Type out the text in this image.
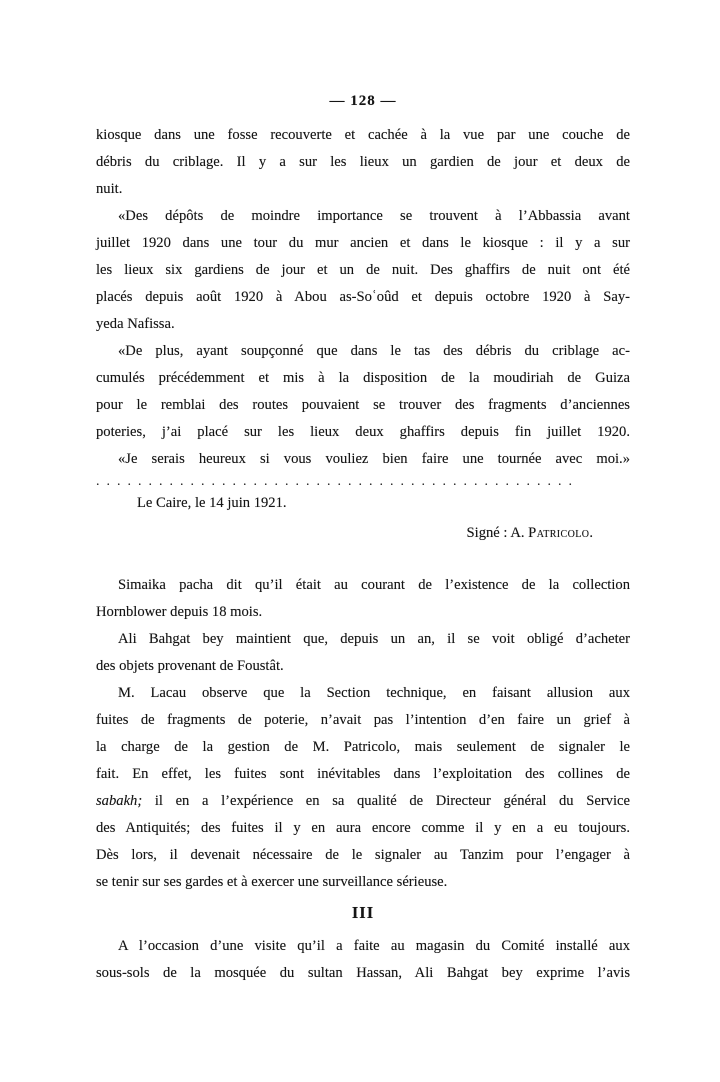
— 128 —
kiosque dans une fosse recouverte et cachée à la vue par une couche de
débris du criblage. Il y a sur les lieux un gardien de jour et deux de
nuit.
«Des dépôts de moindre importance se trouvent à l’Abbassia avant
juillet 1920 dans une tour du mur ancien et dans le kiosque : il y a sur
les lieux six gardiens de jour et un de nuit. Des ghaffirs de nuit ont été
placés depuis août 1920 à Abou as-Soʿoûd et depuis octobre 1920 à Say-
yeda Nafissa.
«De plus, ayant soupçonné que dans le tas des débris du criblage ac-
cumulés précédemment et mis à la disposition de la moudiriah de Guiza
pour le remblai des routes pouvaient se trouver des fragments d’anciennes
poteries, j’ai placé sur les lieux deux ghaffirs depuis fin juillet 1920.
«Je serais heureux si vous vouliez bien faire une tournée avec moi.»
..............................................
Le Caire, le 14 juin 1921.
Signé : A. Patricolo.
Simaika pacha dit qu’il était au courant de l’existence de la collection
Hornblower depuis 18 mois.
Ali Bahgat bey maintient que, depuis un an, il se voit obligé d’acheter
des objets provenant de Foustât.
M. Lacau observe que la Section technique, en faisant allusion aux
fuites de fragments de poterie, n’avait pas l’intention d’en faire un grief à
la charge de la gestion de M. Patricolo, mais seulement de signaler le
fait. En effet, les fuites sont inévitables dans l’exploitation des collines de
sabakh; il en a l’expérience en sa qualité de Directeur général du Service
des Antiquités; des fuites il y en aura encore comme il y en a eu toujours.
Dès lors, il devenait nécessaire de le signaler au Tanzim pour l’engager à
se tenir sur ses gardes et à exercer une surveillance sérieuse.
III
A l’occasion d’une visite qu’il a faite au magasin du Comité installé aux
sous-sols de la mosquée du sultan Hassan, Ali Bahgat bey exprime l’avis
